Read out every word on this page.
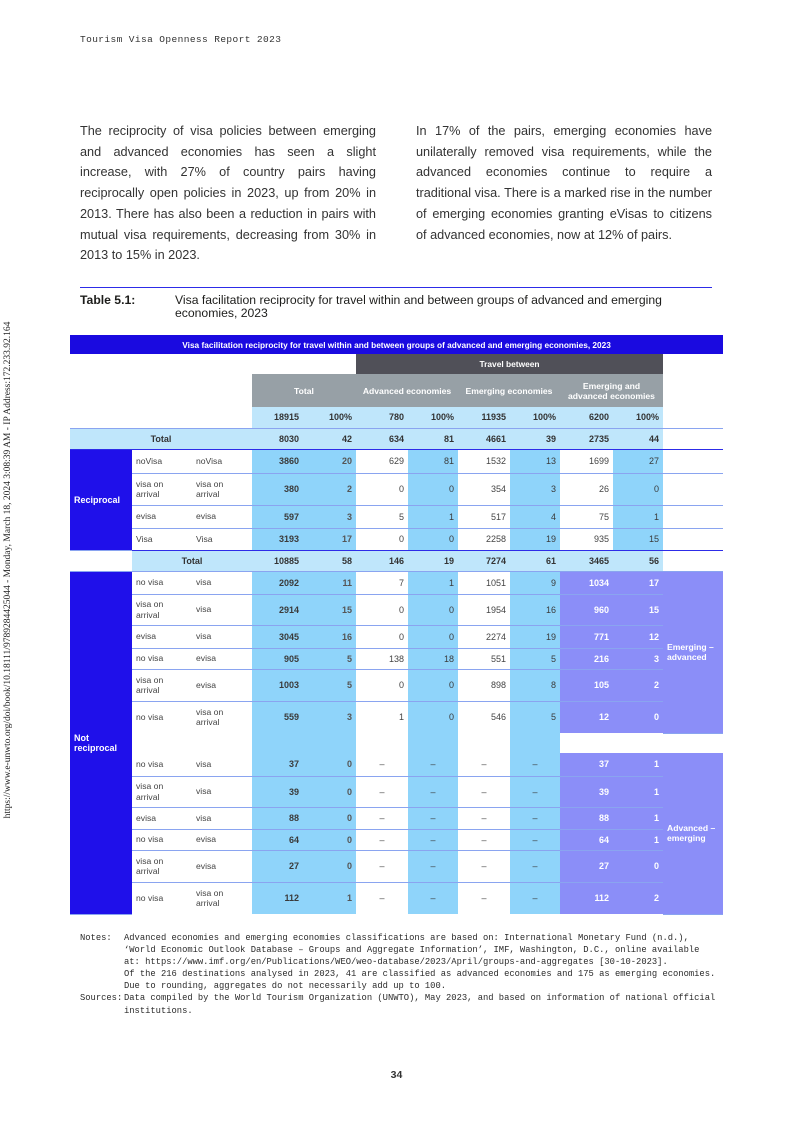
Tourism Visa Openness Report 2023
https://www.e-unwto.org/doi/book/10.18111/9789284425044 - Monday, March 18, 2024 3:08:39 AM - IP Address:172.233.92.164

The reciprocity of visa policies between emerging and advanced economies has seen a slight increase, with 27% of country pairs having reciprocally open policies in 2023, up from 20% in 2013. There has also been a reduction in pairs with mutual visa requirements, decreasing from 30% in 2013 to 15% in 2023.

In 17% of the pairs, emerging economies have unilaterally removed visa requirements, while the advanced economies continue to require a traditional visa. There is a marked rise in the number of emerging economies granting eVisas to citizens of advanced economies, now at 12% of pairs.

Table 5.1:	Visa facilitation reciprocity for travel within and between groups of advanced and emerging economies, 2023
Visa facilitation reciprocity for travel within and between groups of advanced and emerging economies, 2023											
					Travel between						
			Total		Advanced economies		Emerging economies		Emerging and
advanced economies		
			18915	100%	780	100%	11935	100%	6200	100%	
Total			8030	42	634	81	4661	39	2735	44	
Reciprocal	noVisa	noVisa	3860	20	629	81	1532	13	1699	27	
	visa on arrival	visa on arrival	380	2	0	0	354	3	26	0	
	evisa	evisa	597	3	5	1	517	4	75	1	
	Visa	Visa	3193	17	0	0	2258	19	935	15	
	Total		10885	58	146	19	7274	61	3465	56	
Not reciprocal	no visa	visa	2092	11	7	1	1051	9	1034	17	Emerging – advanced
	visa on arrival	visa	2914	15	0	0	1954	16	960	15	
	evisa	visa	3045	16	0	0	2274	19	771	12	
	no visa	evisa	905	5	138	18	551	5	216	3	
	visa on arrival	evisa	1003	5	0	0	898	8	105	2	
	no visa	visa on arrival	559	3	1	0	546	5	12	0	

	no visa	visa	37	0	–	–	–	–	37	1	Advanced – emerging
	visa on arrival	visa	39	0	–	–	–	–	39	1	
	evisa	visa	88	0	–	–	–	–	88	1	
	no visa	evisa	64	0	–	–	–	–	64	1	
	visa on arrival	evisa	27	0	–	–	–	–	27	0	
	no visa	visa on arrival	112	1	–	–	–	–	112	2	
Notes:	Advanced economies and emerging economies classifications are based on: International Monetary Fund (n.d.), ‘World Economic Outlook Database – Groups and Aggregate Information’, IMF, Washington, D.C., online available at: https://www.imf.org/en/Publications/WEO/weo-database/2023/April/groups-and-aggregates [30-10-2023].

Of the 216 destinations analysed in 2023, 41 are classified as advanced economies and 175 as emerging economies.

Due to rounding, aggregates do not necessarily add up to 100.

Sources: Data compiled by the World Tourism Organization (UNWTO), May 2023, and based on information of national official institutions.

34
